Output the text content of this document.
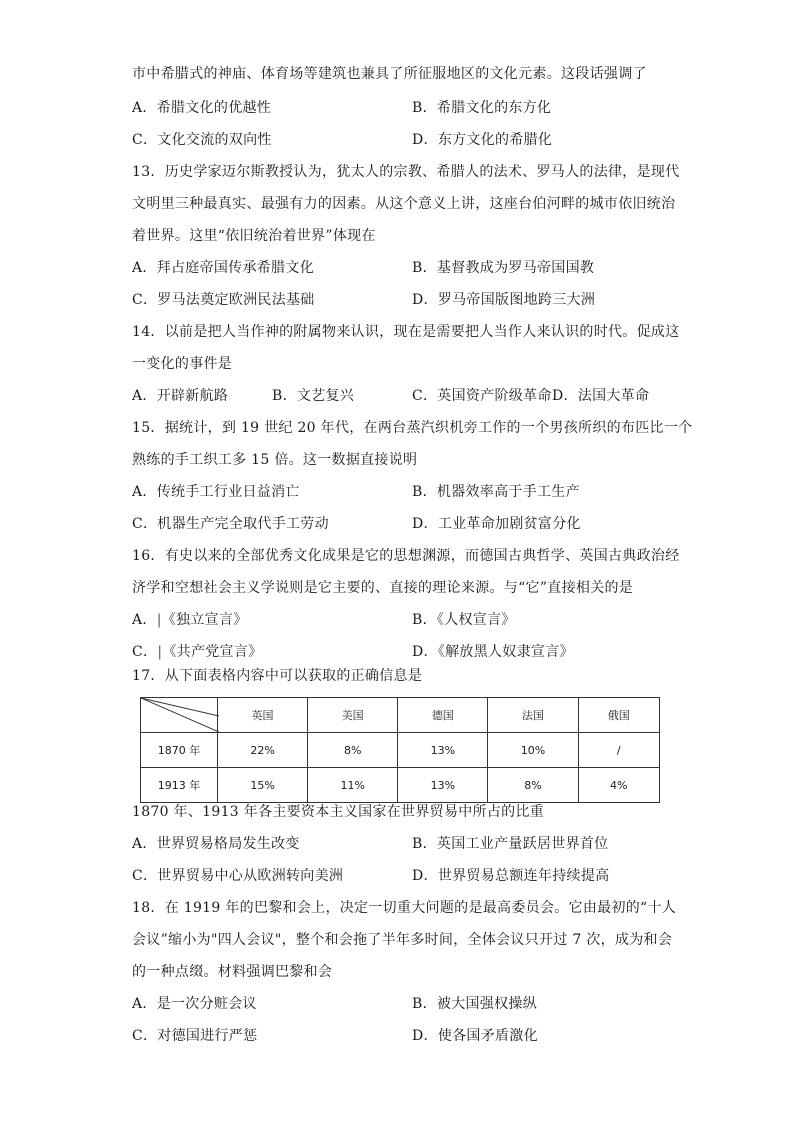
市中希腊式的神庙、体育场等建筑也兼具了所征服地区的文化元素。这段话强调了
A．希腊文化的优越性	B．希腊文化的东方化
C．文化交流的双向性	D．东方文化的希腊化
13．历史学家迈尔斯教授认为，犹太人的宗教、希腊人的法术、罗马人的法律，是现代
文明里三种最真实、最强有力的因素。从这个意义上讲，这座台伯河畔的城市依旧统治
着世界。这里“依旧统治着世界”体现在
A．拜占庭帝国传承希腊文化	B．基督教成为罗马帝国国教
C．罗马法奠定欧洲民法基础	D．罗马帝国版图地跨三大洲
14．以前是把人当作神的附属物来认识，现在是需要把人当作人来认识的时代。促成这
一变化的事件是
A．开辟新航路	B．文艺复兴	C．英国资产阶级革命 D．法国大革命
15．据统计，到 19 世纪 20 年代，在两台蒸汽织机旁工作的一个男孩所织的布匹比一个
熟练的手工织工多 15 倍。这一数据直接说明
A．传统手工行业日益消亡	B．机器效率高于手工生产
C．机器生产完全取代手工劳动	D．工业革命加剧贫富分化
16．有史以来的全部优秀文化成果是它的思想渊源，而德国古典哲学、英国古典政治经
济学和空想社会主义学说则是它主要的、直接的理论来源。与“它”直接相关的是
A．|《独立宣言》	B．《人权宣言》
C．|《共产党宣言》	D．《解放黑人奴隶宣言》
17．从下面表格内容中可以获取的正确信息是
	英国	美国	德国	法国	俄国
1870 年	22%	8%	13%	10%	/
1913 年	15%	11%	13%	8%	4%
1870 年、1913 年各主要资本主义国家在世界贸易中所占的比重
A．世界贸易格局发生改变	B．英国工业产量跃居世界首位
C．世界贸易中心从欧洲转向美洲	D．世界贸易总额连年持续提高
18．在 1919 年的巴黎和会上，决定一切重大问题的是最高委员会。它由最初的“十人
会议”缩小为"四人会议"，整个和会拖了半年多时间，全体会议只开过 7 次，成为和会
的一种点缀。材料强调巴黎和会
A．是一次分赃会议	B．被大国强权操纵
C．对德国进行严惩	D．使各国矛盾激化
